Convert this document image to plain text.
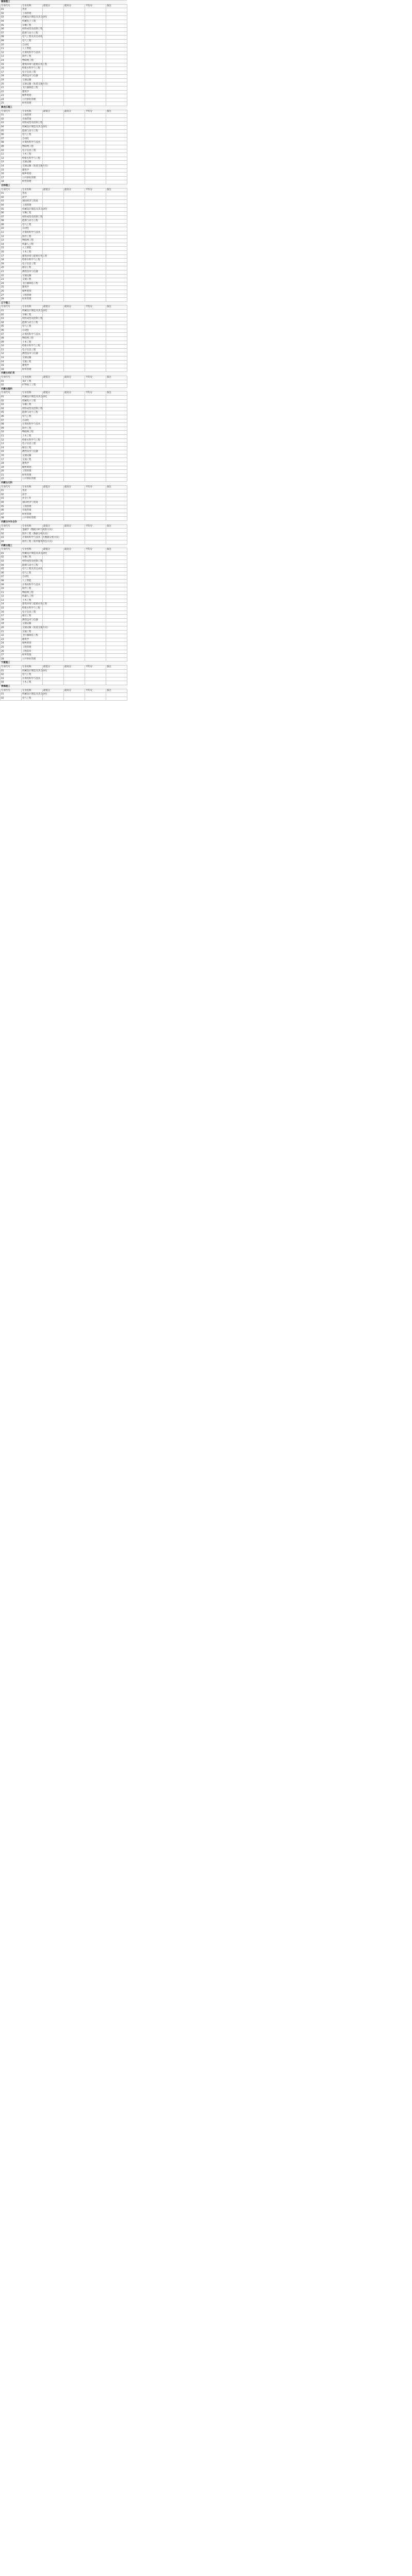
湖南理工					
专业代号	专业名称	最低分	最高分	平均分	备注
01	英语				
02	工商管理				
03	机械设计制造及其自动化				
04	机械电子工程				
05	车辆工程				
06	材料成型及控制工程				
07	能源与动力工程				
08	电气工程及其自动化				
09	电气工程				
10	自动化				
11	人工智能				
12	计算机科学与技术				
13	软件工程				
14	物联网工程				
15	建筑环境与能源应用工程				
16	给排水科学与工程				
17	电子信息工程				
18	测控技术与仪器				
19	交通运输				
20	交通运输（轨道交通方向）				
21	飞行器制造工程				
22	建筑学				
23	城乡规划				
24	公共事业管理				
25	财务管理				
黑龙江理工					
专业代号	专业名称	最低分	最高分	平均分	备注
01	工商管理				
02	市场营销				
03	材料成型及控制工程				
04	机械设计制造及其自动化				
05	能源与动力工程				
06	电气工程				
07	自动化				
08	计算机科学与技术				
09	物联网工程				
10	电子信息工程				
11	土木工程				
12	给排水科学与工程				
13	交通运输				
14	交通运输（轨道交通方向）				
15	建筑学				
16	城乡规划				
17	公共事业管理				
18	财务管理				
吉林理工					
专业代号	专业名称	最低分	最高分	平均分	备注
01	英语				
02	法学				
03	国际经济与贸易				
04	工商管理				
05	机械设计制造及其自动化				
06	车辆工程				
07	材料成型及控制工程				
08	能源与动力工程				
09	电气工程				
10	自动化				
11	计算机科学与技术				
12	软件工程				
13	物联网工程				
14	机器人工程				
15	人工智能				
16	土木工程				
17	建筑环境与能源应用工程				
18	给排水科学与工程				
19	电子信息工程				
20	通信工程				
21	测控技术与仪器				
22	交通运输				
23	交通工程				
24	飞行器制造工程				
25	建筑学				
26	城乡规划				
27	工程管理				
28	财务管理				
辽宁理工					
专业代号	专业名称	最低分	最高分	平均分	备注
01	机械设计制造及其自动化				
02	车辆工程				
03	材料成型及控制工程				
04	能源与动力工程				
05	电气工程				
06	自动化				
07	计算机科学与技术				
08	物联网工程				
09	土木工程				
10	给排水科学与工程				
11	电子信息工程				
12	测控技术与仪器				
13	交通运输				
14	交通工程				
15	建筑学				
16	财务管理				
内蒙古采矿类					
专业代号	专业名称	最低分	最高分	平均分	备注
01	采矿工程				
02	矿物加工工程				
内蒙古理科					
专业代号	专业名称	最低分	最高分	平均分	备注
01	机械设计制造及其自动化				
02	机械电子工程				
03	车辆工程				
04	材料成型及控制工程				
05	能源与动力工程				
06	电气工程				
07	自动化				
08	计算机科学与技术				
09	软件工程				
10	物联网工程				
11	土木工程				
12	给排水科学与工程				
13	电子信息工程				
14	通信工程				
15	测控技术与仪器				
16	交通运输				
17	交通工程				
18	建筑学				
19	城乡规划				
20	工程管理				
21	财务管理				
22	公共事业管理				
内蒙古文科					
专业代号	专业名称	最低分	最高分	平均分	备注
01	英语				
02	法学				
03	社会工作				
04	国际经济与贸易				
05	工商管理				
06	市场营销				
07	财务管理				
08	公共事业管理				
内蒙古中外合作					
专业代号	专业名称	最低分	最高分	平均分	备注
01	金融学（数据分析与风险方向）				
02	软件工程（数据分析方向）				
03	计算机科学与技术（大数据分析方向）				
04	软件工程（软件服务外包方向）				
内蒙古理工					
专业代号	专业名称	最低分	最高分	平均分	备注
01	机械设计制造及其自动化				
02	车辆工程				
03	材料成型及控制工程				
04	能源与动力工程				
05	电气工程及其自动化				
06	电气工程				
07	自动化				
08	人工智能				
09	计算机科学与技术				
10	软件工程				
11	物联网工程				
12	机器人工程				
13	土木工程				
14	建筑环境与能源应用工程				
15	给排水科学与工程				
16	电子信息工程				
17	通信工程				
18	测控技术与仪器				
19	交通运输				
20	交通运输（轨道交通方向）				
21	交通工程				
22	飞行器制造工程				
23	建筑学				
24	城乡规划				
25	工程管理				
26	工程造价				
27	财务管理				
28	公共事业管理				
宁夏理工					
专业代号	专业名称	最低分	最高分	平均分	备注
01	机械设计制造及其自动化				
02	电气工程				
03	计算机科学与技术				
04	土木工程				
青海理工					
专业代号	专业名称	最低分	最高分	平均分	备注
01	机械设计制造及其自动化				
02	电气工程				
